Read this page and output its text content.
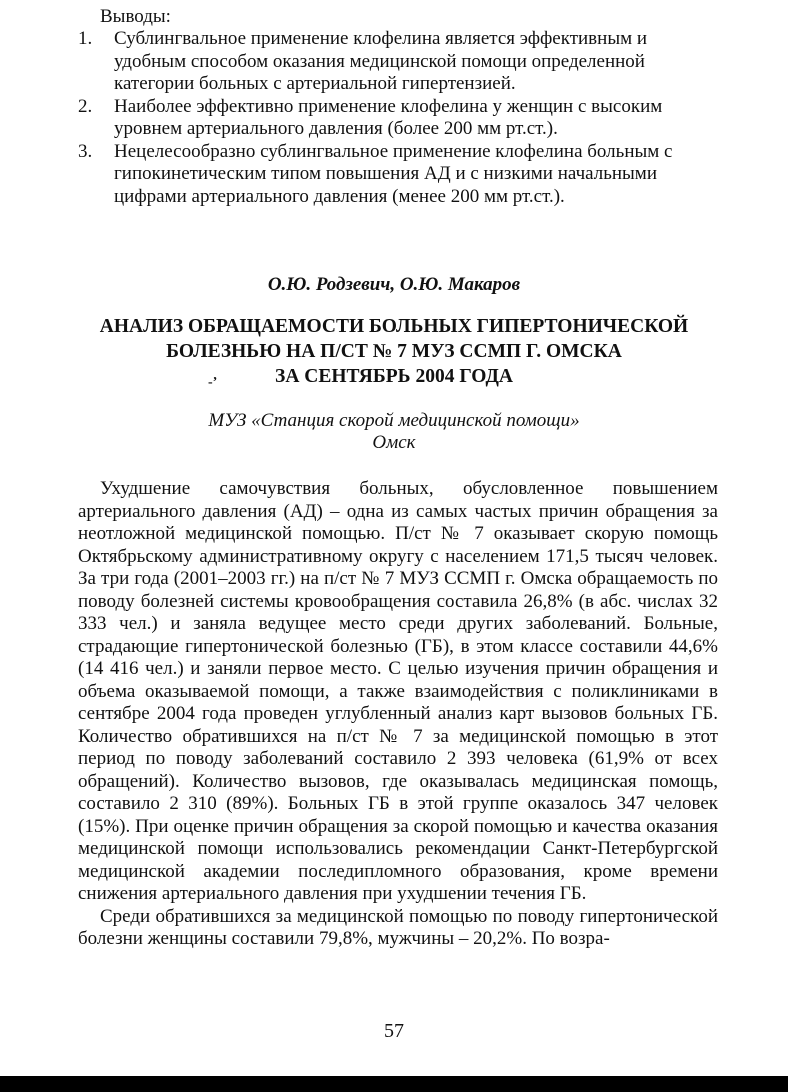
Выводы:
1. Сублингвальное применение клофелина является эффективным и удобным способом оказания медицинской помощи определенной категории больных с артериальной гипертензией.
2. Наиболее эффективно применение клофелина у женщин с высоким уровнем артериального давления (более 200 мм рт.ст.).
3. Нецелесообразно сублингвальное применение клофелина больным с гипокинетическим типом повышения АД и с низкими начальными цифрами артериального давления (менее 200 мм рт.ст.).
О.Ю. Родзевич, О.Ю. Макаров
АНАЛИЗ ОБРАЩАЕМОСТИ БОЛЬНЫХ ГИПЕРТОНИЧЕСКОЙ
БОЛЕЗНЬЮ НА П/СТ № 7 МУЗ ССМП Г. ОМСКА
ЗА СЕНТЯБРЬ 2004 ГОДА
-’
МУЗ «Станция скорой медицинской помощи»
Омск

Ухудшение самочувствия больных, обусловленное повышением артериального давления (АД) – одна из самых частых причин обращения за неотложной медицинской помощью. П/ст № 7 оказывает скорую помощь Октябрьскому административному округу с населением 171,5 тысяч человек. За три года (2001–2003 гг.) на п/ст № 7 МУЗ ССМП г. Омска обращаемость по поводу болезней системы кровообращения составила 26,8% (в абс. числах 32 333 чел.) и заняла ведущее место среди других заболеваний. Больные, страдающие гипертонической болезнью (ГБ), в этом классе составили 44,6% (14 416 чел.) и заняли первое место. С целью изучения причин обращения и объема оказываемой помощи, а также взаимодействия с поликлиниками в сентябре 2004 года проведен углубленный анализ карт вызовов больных ГБ. Количество обратившихся на п/ст № 7 за медицинской помощью в этот период по поводу заболеваний составило 2 393 человека (61,9% от всех обращений). Количество вызовов, где оказывалась медицинская помощь, составило 2 310 (89%). Больных ГБ в этой группе оказалось 347 человек (15%). При оценке причин обращения за скорой помощью и качества оказания медицинской помощи использовались рекомендации Санкт-Петербургской медицинской академии последипломного образования, кроме времени снижения артериального давления при ухудшении течения ГБ.

Среди обратившихся за медицинской помощью по поводу гипертонической болезни женщины составили 79,8%, мужчины – 20,2%. По возра-

57
